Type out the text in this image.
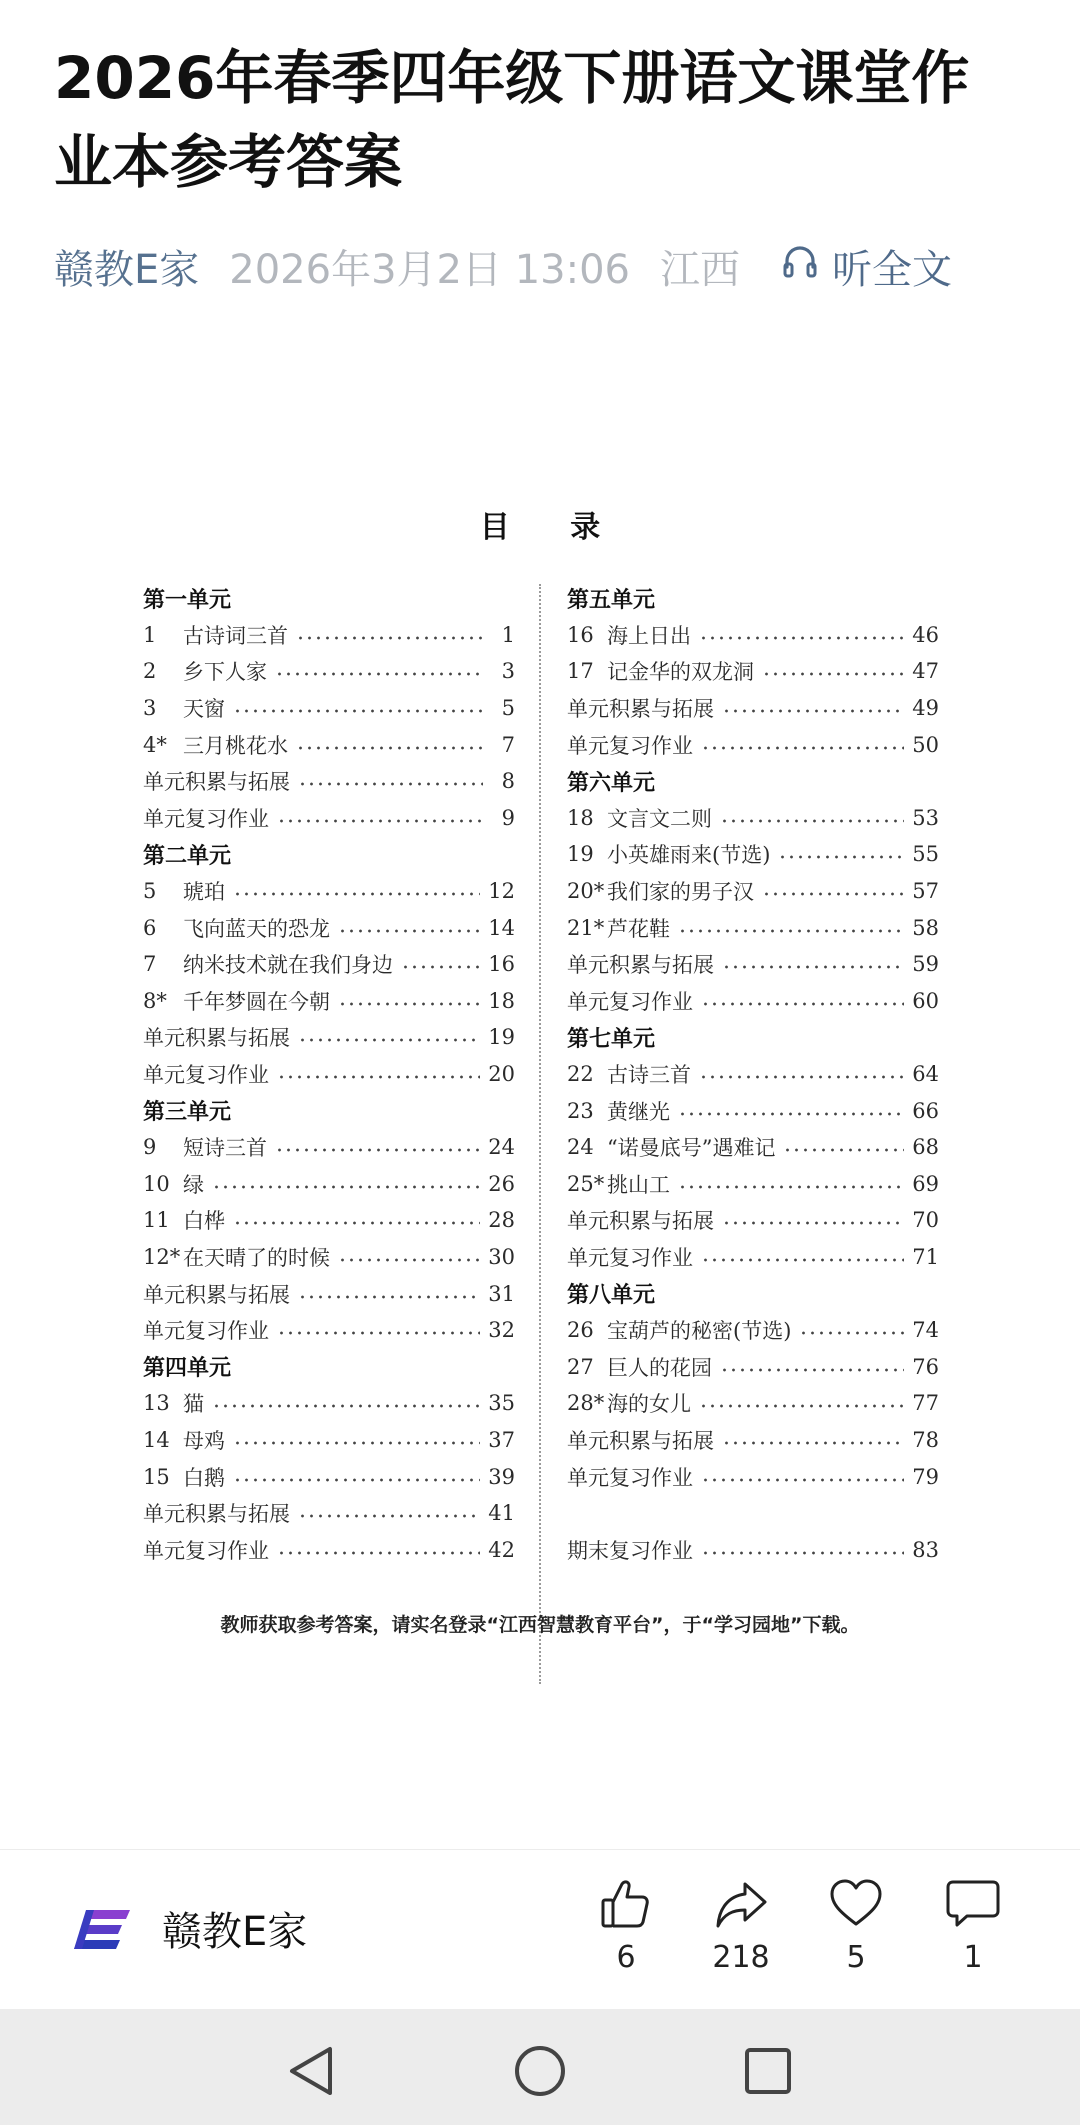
2026年春季四年级下册语文课堂作业本参考答案
赣教E家 2026年3月2日 13:06 江西 听全文
目 录
第一单元
1	古诗词三首	1
2	乡下人家	3
3	天窗	5
4* 三月桃花水	7
单元积累与拓展	8
单元复习作业	9
第二单元
5	琥珀	12
6	飞向蓝天的恐龙	14
7	纳米技术就在我们身边	16
8* 千年梦圆在今朝	18
单元积累与拓展	19
单元复习作业	20
第三单元
9	短诗三首	24
10 绿	26
11 白桦	28
12* 在天晴了的时候	30
单元积累与拓展	31
单元复习作业	32
第四单元
13 猫	35
14 母鸡	37
15 白鹅	39
单元积累与拓展	41
单元复习作业	42
第五单元
16 海上日出	46
17 记金华的双龙洞	47
单元积累与拓展	49
单元复习作业	50
第六单元
18 文言文二则	53
19 小英雄雨来(节选)	55
20* 我们家的男子汉	57
21* 芦花鞋	58
单元积累与拓展	59
单元复习作业	60
第七单元
22 古诗三首	64
23 黄继光	66
24 “诺曼底号”遇难记	68
25* 挑山工	69
单元积累与拓展	70
单元复习作业	71
第八单元
26 宝葫芦的秘密(节选)	74
27 巨人的花园	76
28* 海的女儿	77
单元积累与拓展	78
单元复习作业	79
期末复习作业	83
教师获取参考答案，请实名登录“江西智慧教育平台”，于“学习园地”下载。
赣教E家
6	218	5	1
